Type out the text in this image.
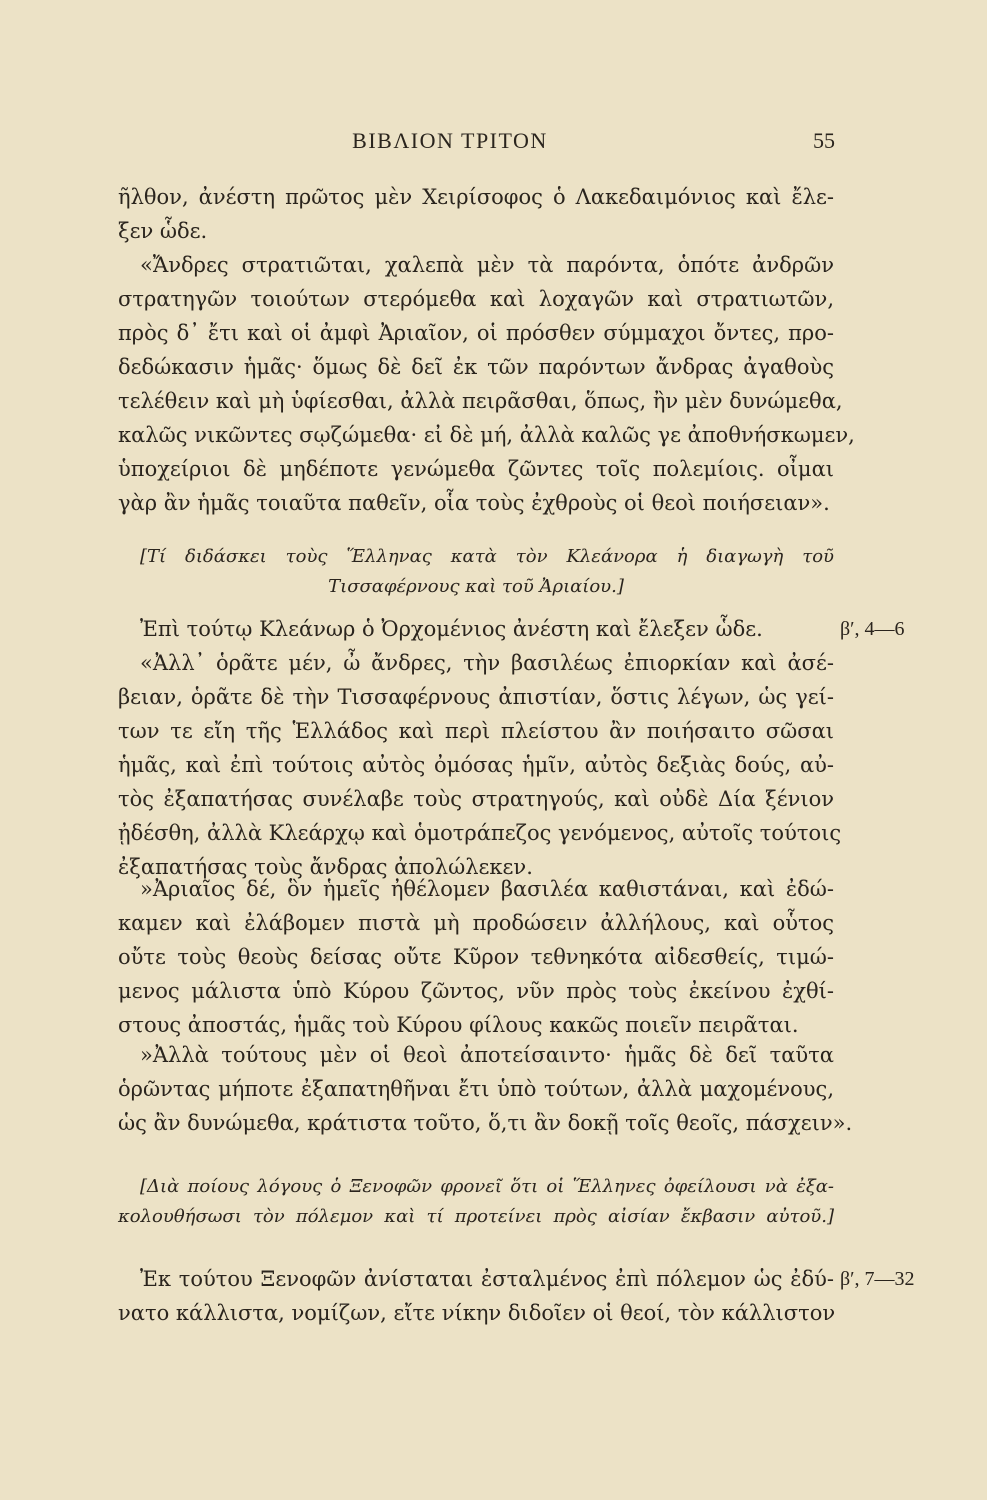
ΒΙΒΛΙΟΝ ΤΡΙΤΟΝ	55
ῆλθον, ἀνέστη πρῶτος μὲν Χειρίσοφος ὁ Λακεδαιμόνιος καὶ ἔλε-
ξεν ὧδε.
«Ἄνδρες στρατιῶται, χαλεπὰ μὲν τὰ παρόντα, ὁπότε ἀνδρῶν
στρατηγῶν τοιούτων στερόμεθα καὶ λοχαγῶν καὶ στρατιωτῶν,
πρὸς δ᾽ ἔτι καὶ οἱ ἀμφὶ Ἀριαῖον, οἱ πρόσθεν σύμμαχοι ὄντες, προ-
δεδώκασιν ἡμᾶς· ὅμως δὲ δεῖ ἐκ τῶν παρόντων ἄνδρας ἀγαθοὺς
τελέθειν καὶ μὴ ὑφίεσθαι, ἀλλὰ πειρᾶσθαι, ὅπως, ἢν μὲν δυνώμεθα,
καλῶς νικῶντες σῳζώμεθα· εἰ δὲ μή, ἀλλὰ καλῶς γε ἀποθνήσκωμεν,
ὑποχείριοι δὲ μηδέποτε γενώμεθα ζῶντες τοῖς πολεμίοις. οἶμαι
γὰρ ἂν ἡμᾶς τοιαῦτα παθεῖν, οἷα τοὺς ἐχθροὺς οἱ θεοὶ ποιήσειαν».
[Τί διδάσκει τοὺς Ἕλληνας κατὰ τὸν Κλεάνορα ἡ διαγωγὴ τοῦ
Τισσαφέρνους καὶ τοῦ Ἀριαίου.]
Ἐπὶ τούτῳ Κλεάνωρ ὁ Ὀρχομένιος ἀνέστη καὶ ἔλεξεν ὧδε.	β′, 4—6
«Ἀλλ᾽ ὁρᾶτε μέν, ὦ ἄνδρες, τὴν βασιλέως ἐπιορκίαν καὶ ἀσέ-
βειαν, ὁρᾶτε δὲ τὴν Τισσαφέρνους ἀπιστίαν, ὅστις λέγων, ὡς γεί-
των τε εἴη τῆς Ἑλλάδος καὶ περὶ πλείστου ἂν ποιήσαιτο σῶσαι
ἡμᾶς, καὶ ἐπὶ τούτοις αὐτὸς ὀμόσας ἡμῖν, αὐτὸς δεξιὰς δούς, αὐ-
τὸς ἐξαπατήσας συνέλαβε τοὺς στρατηγούς, καὶ οὐδὲ Δία ξένιον
ᾐδέσθη, ἀλλὰ Κλεάρχῳ καὶ ὁμοτράπεζος γενόμενος, αὐτοῖς τούτοις
ἐξαπατήσας τοὺς ἄνδρας ἀπολώλεκεν.
»Ἀριαῖος δέ, ὃν ἡμεῖς ἠθέλομεν βασιλέα καθιστάναι, καὶ ἐδώ-
καμεν καὶ ἐλάβομεν πιστὰ μὴ προδώσειν ἀλλήλους, καὶ οὗτος
οὔτε τοὺς θεοὺς δείσας οὔτε Κῦρον τεθνηκότα αἰδεσθείς, τιμώ-
μενος μάλιστα ὑπὸ Κύρου ζῶντος, νῦν πρὸς τοὺς ἐκείνου ἐχθί-
στους ἀποστάς, ἡμᾶς τοὺ Κύρου φίλους κακῶς ποιεῖν πειρᾶται.
»Ἀλλὰ τούτους μὲν οἱ θεοὶ ἀποτείσαιντο· ἡμᾶς δὲ δεῖ ταῦτα
ὁρῶντας μήποτε ἐξαπατηθῆναι ἔτι ὑπὸ τούτων, ἀλλὰ μαχομένους,
ὡς ἂν δυνώμεθα, κράτιστα τοῦτο, ὅ,τι ἂν δοκῇ τοῖς θεοῖς, πάσχειν».
[Διὰ ποίους λόγους ὁ Ξενοφῶν φρονεῖ ὅτι οἱ Ἕλληνες ὀφείλουσι νὰ ἐξα-
κολουθήσωσι τὸν πόλεμον καὶ τί προτείνει πρὸς αἰσίαν ἔκβασιν αὐτοῦ.]
Ἐκ τούτου Ξενοφῶν ἀνίσταται ἐσταλμένος ἐπὶ πόλεμον ὡς ἐδύ-
νατο κάλλιστα, νομίζων, εἴτε νίκην διδοῖεν οἱ θεοί, τὸν κάλλιστον
β′, 7—32
